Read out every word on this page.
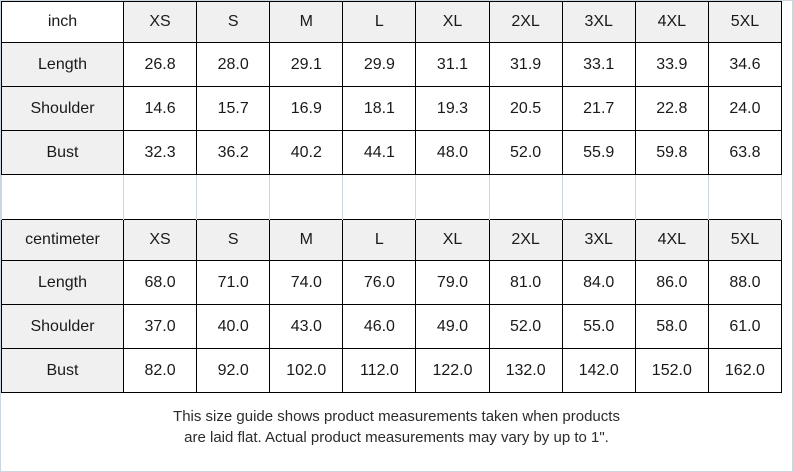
inch	XS	S	M	L	XL	2XL	3XL	4XL	5XL
Length	26.8	28.0	29.1	29.9	31.1	31.9	33.1	33.9	34.6
Shoulder	14.6	15.7	16.9	18.1	19.3	20.5	21.7	22.8	24.0
Bust	32.3	36.2	40.2	44.1	48.0	52.0	55.9	59.8	63.8

centimeter	XS	S	M	L	XL	2XL	3XL	4XL	5XL
Length	68.0	71.0	74.0	76.0	79.0	81.0	84.0	86.0	88.0
Shoulder	37.0	40.0	43.0	46.0	49.0	52.0	55.0	58.0	61.0
Bust	82.0	92.0	102.0	112.0	122.0	132.0	142.0	152.0	162.0
This size guide shows product measurements taken when products
are laid flat. Actual product measurements may vary by up to 1".
